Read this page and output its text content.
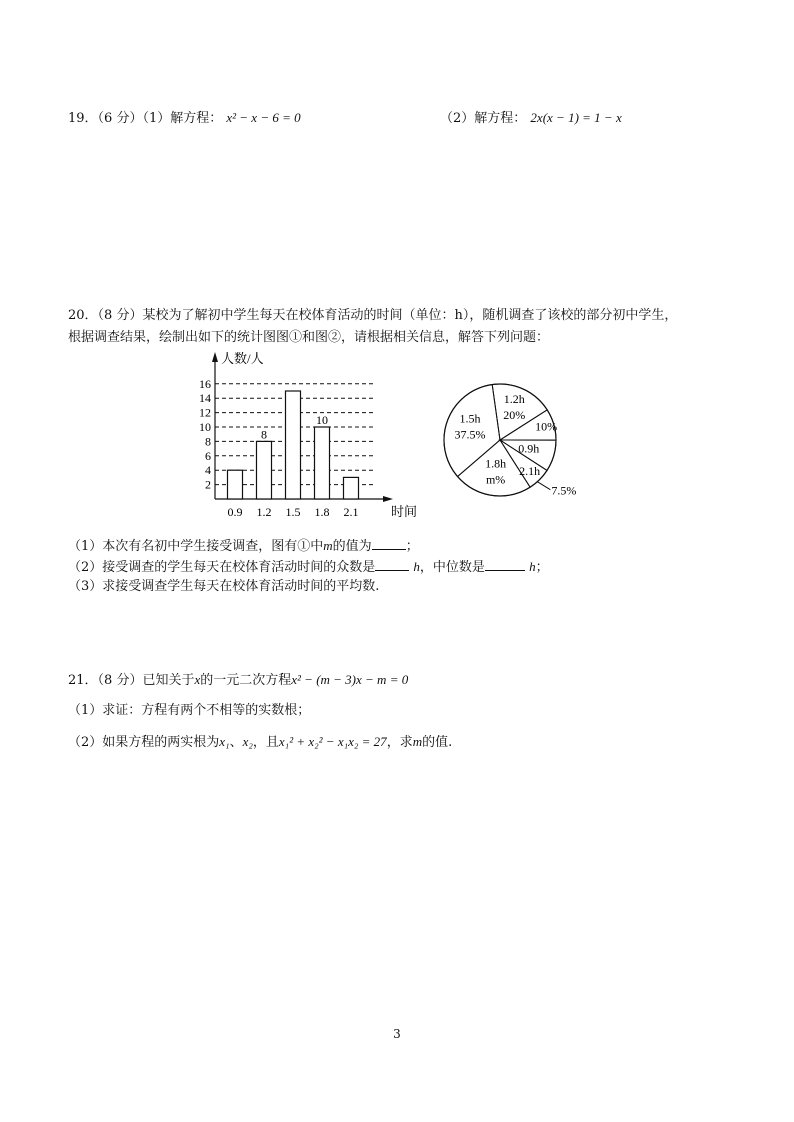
19．（6 分）（1）解方程： x² − x − 6 = 0	（2）解方程： 2x(x − 1) = 1 − x
20．（8 分）某校为了解初中学生每天在校体育活动的时间（单位：h），随机调查了该校的部分初中学生，
根据调查结果，绘制出如下的统计图图①和图②，请根据相关信息，解答下列问题：
2
4
6
8
10
12
14
16
人数/人
时间
0.9 1.2
8
1.5 1.8
10
2.1
1.2h
20%
10%
0.9h
2.1h
7.5%
1.8h
m%
1.5h
37.5%
（1）本次有名初中学生接受调查，图有①中m的值为	；
（2）接受调查的学生每天在校体育活动时间的众数是	h，中位数是	h；
（3）求接受调查学生每天在校体育活动时间的平均数.
21．（8 分）已知关于x的一元二次方程x² − (m − 3)x − m = 0
（1）求证：方程有两个不相等的实数根；
（2）如果方程的两实根为x₁、x₂，且x₁² + x₂² − x₁x₂ = 27，求m的值.
3
